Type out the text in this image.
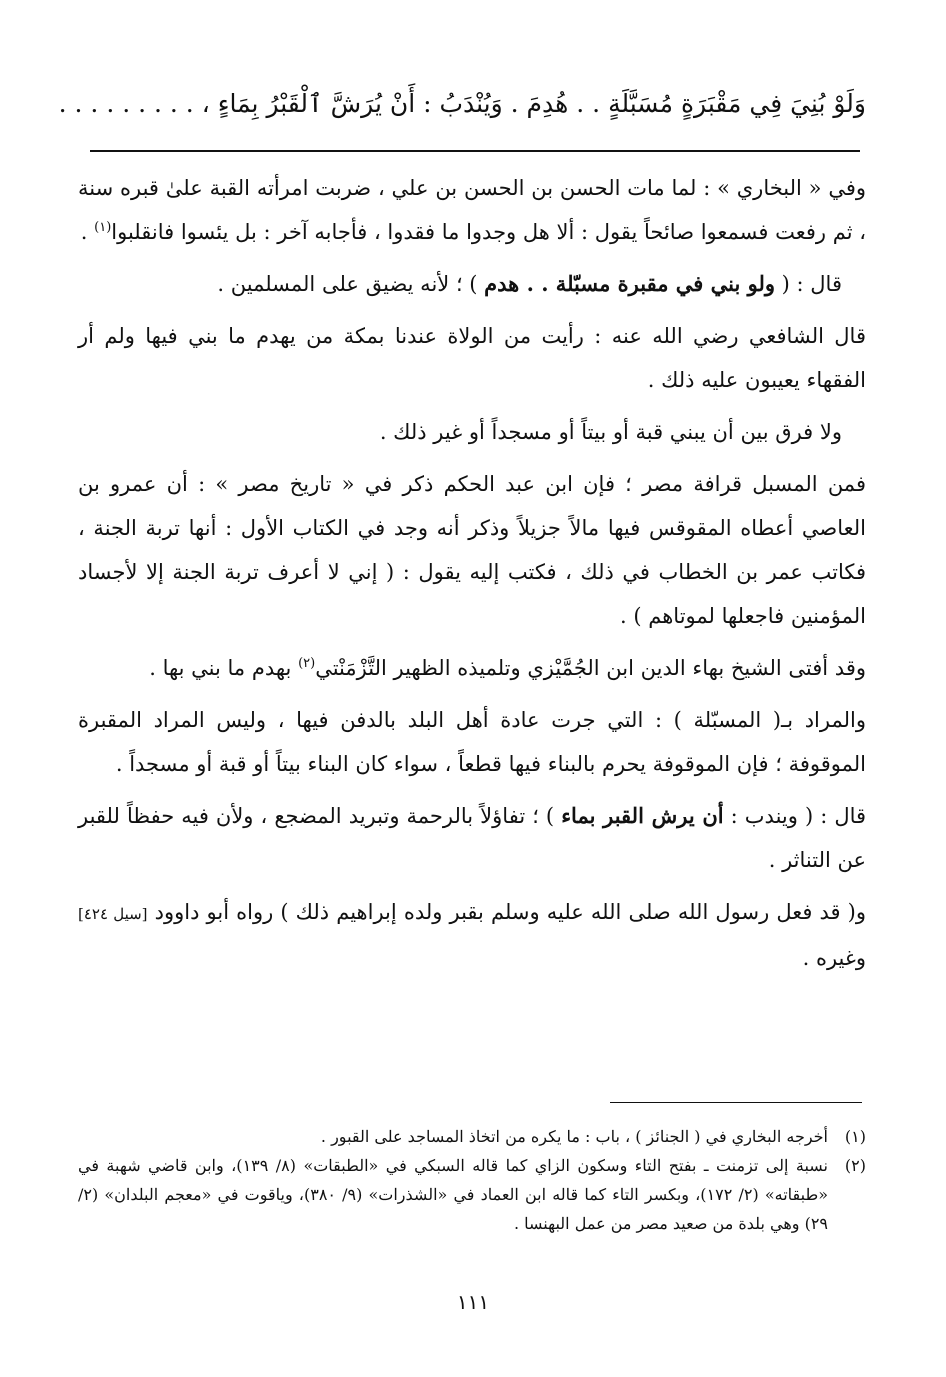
وَلَوْ بُنِيَ فِي مَقْبَرَةٍ مُسَبَّلَةٍ . . هُدِمَ . وَيُنْدَبُ : أَنْ يُرَشَّ ٱلْقَبْرُ بِمَاءٍ ، . . . . . . . . .

وفي « البخاري » : لما مات الحسن بن الحسن بن علي ، ضربت امرأته القبة علىٰ قبره سنة ، ثم رفعت فسمعوا صائحاً يقول : ألا هل وجدوا ما فقدوا ، فأجابه آخر : بل يئسوا فانقلبوا$^{(١)}$ .

قال : ( ولو بني في مقبرة مسبّلة . . هدم ) ؛ لأنه يضيق على المسلمين .

قال الشافعي رضي الله عنه : رأيت من الولاة عندنا بمكة من يهدم ما بني فيها ولم أر الفقهاء يعيبون عليه ذلك .

ولا فرق بين أن يبني قبة أو بيتاً أو مسجداً أو غير ذلك .

فمن المسبل قرافة مصر ؛ فإن ابن عبد الحكم ذكر في « تاريخ مصر » : أن عمرو بن العاصي أعطاه المقوقس فيها مالاً جزيلاً وذكر أنه وجد في الكتاب الأول : أنها تربة الجنة ، فكاتب عمر بن الخطاب في ذلك ، فكتب إليه يقول : ( إني لا أعرف تربة الجنة إلا لأجساد المؤمنين فاجعلها لموتاهم ) .

وقد أفتى الشيخ بهاء الدين ابن الجُمَّيْزي وتلميذه الظهير التَّزْمَنْتي$^{(٢)}$ بهدم ما بني بها .

والمراد بـ( المسبّلة ) : التي جرت عادة أهل البلد بالدفن فيها ، وليس المراد المقبرة الموقوفة ؛ فإن الموقوفة يحرم بالبناء فيها قطعاً ، سواء كان البناء بيتاً أو قبة أو مسجداً .

قال : ( ويندب : أن يرش القبر بماء ) ؛ تفاؤلاً بالرحمة وتبريد المضجع ، ولأن فيه حفظاً للقبر عن التناثر .

و( قد فعل رسول الله صلى الله عليه وسلم بقبر ولده إبراهيم ذلك ) رواه أبو داوود [سيل ٤٢٤] وغيره .

(١)
أخرجه البخاري في ( الجنائز ) ، باب : ما يكره من اتخاذ المساجد على القبور .
(٢)
نسبة إلى تزمنت ـ بفتح التاء وسكون الزاي كما قاله السبكي في «الطبقات» (٨/ ١٣٩)، وابن قاضي شهبة في «طبقاته» (٢/ ١٧٢)، وبكسر التاء كما قاله ابن العماد في «الشذرات» (٩/ ٣٨٠)، وياقوت في «معجم البلدان» (٢/ ٢٩) وهي بلدة من صعيد مصر من عمل البهنسا .
١١١
